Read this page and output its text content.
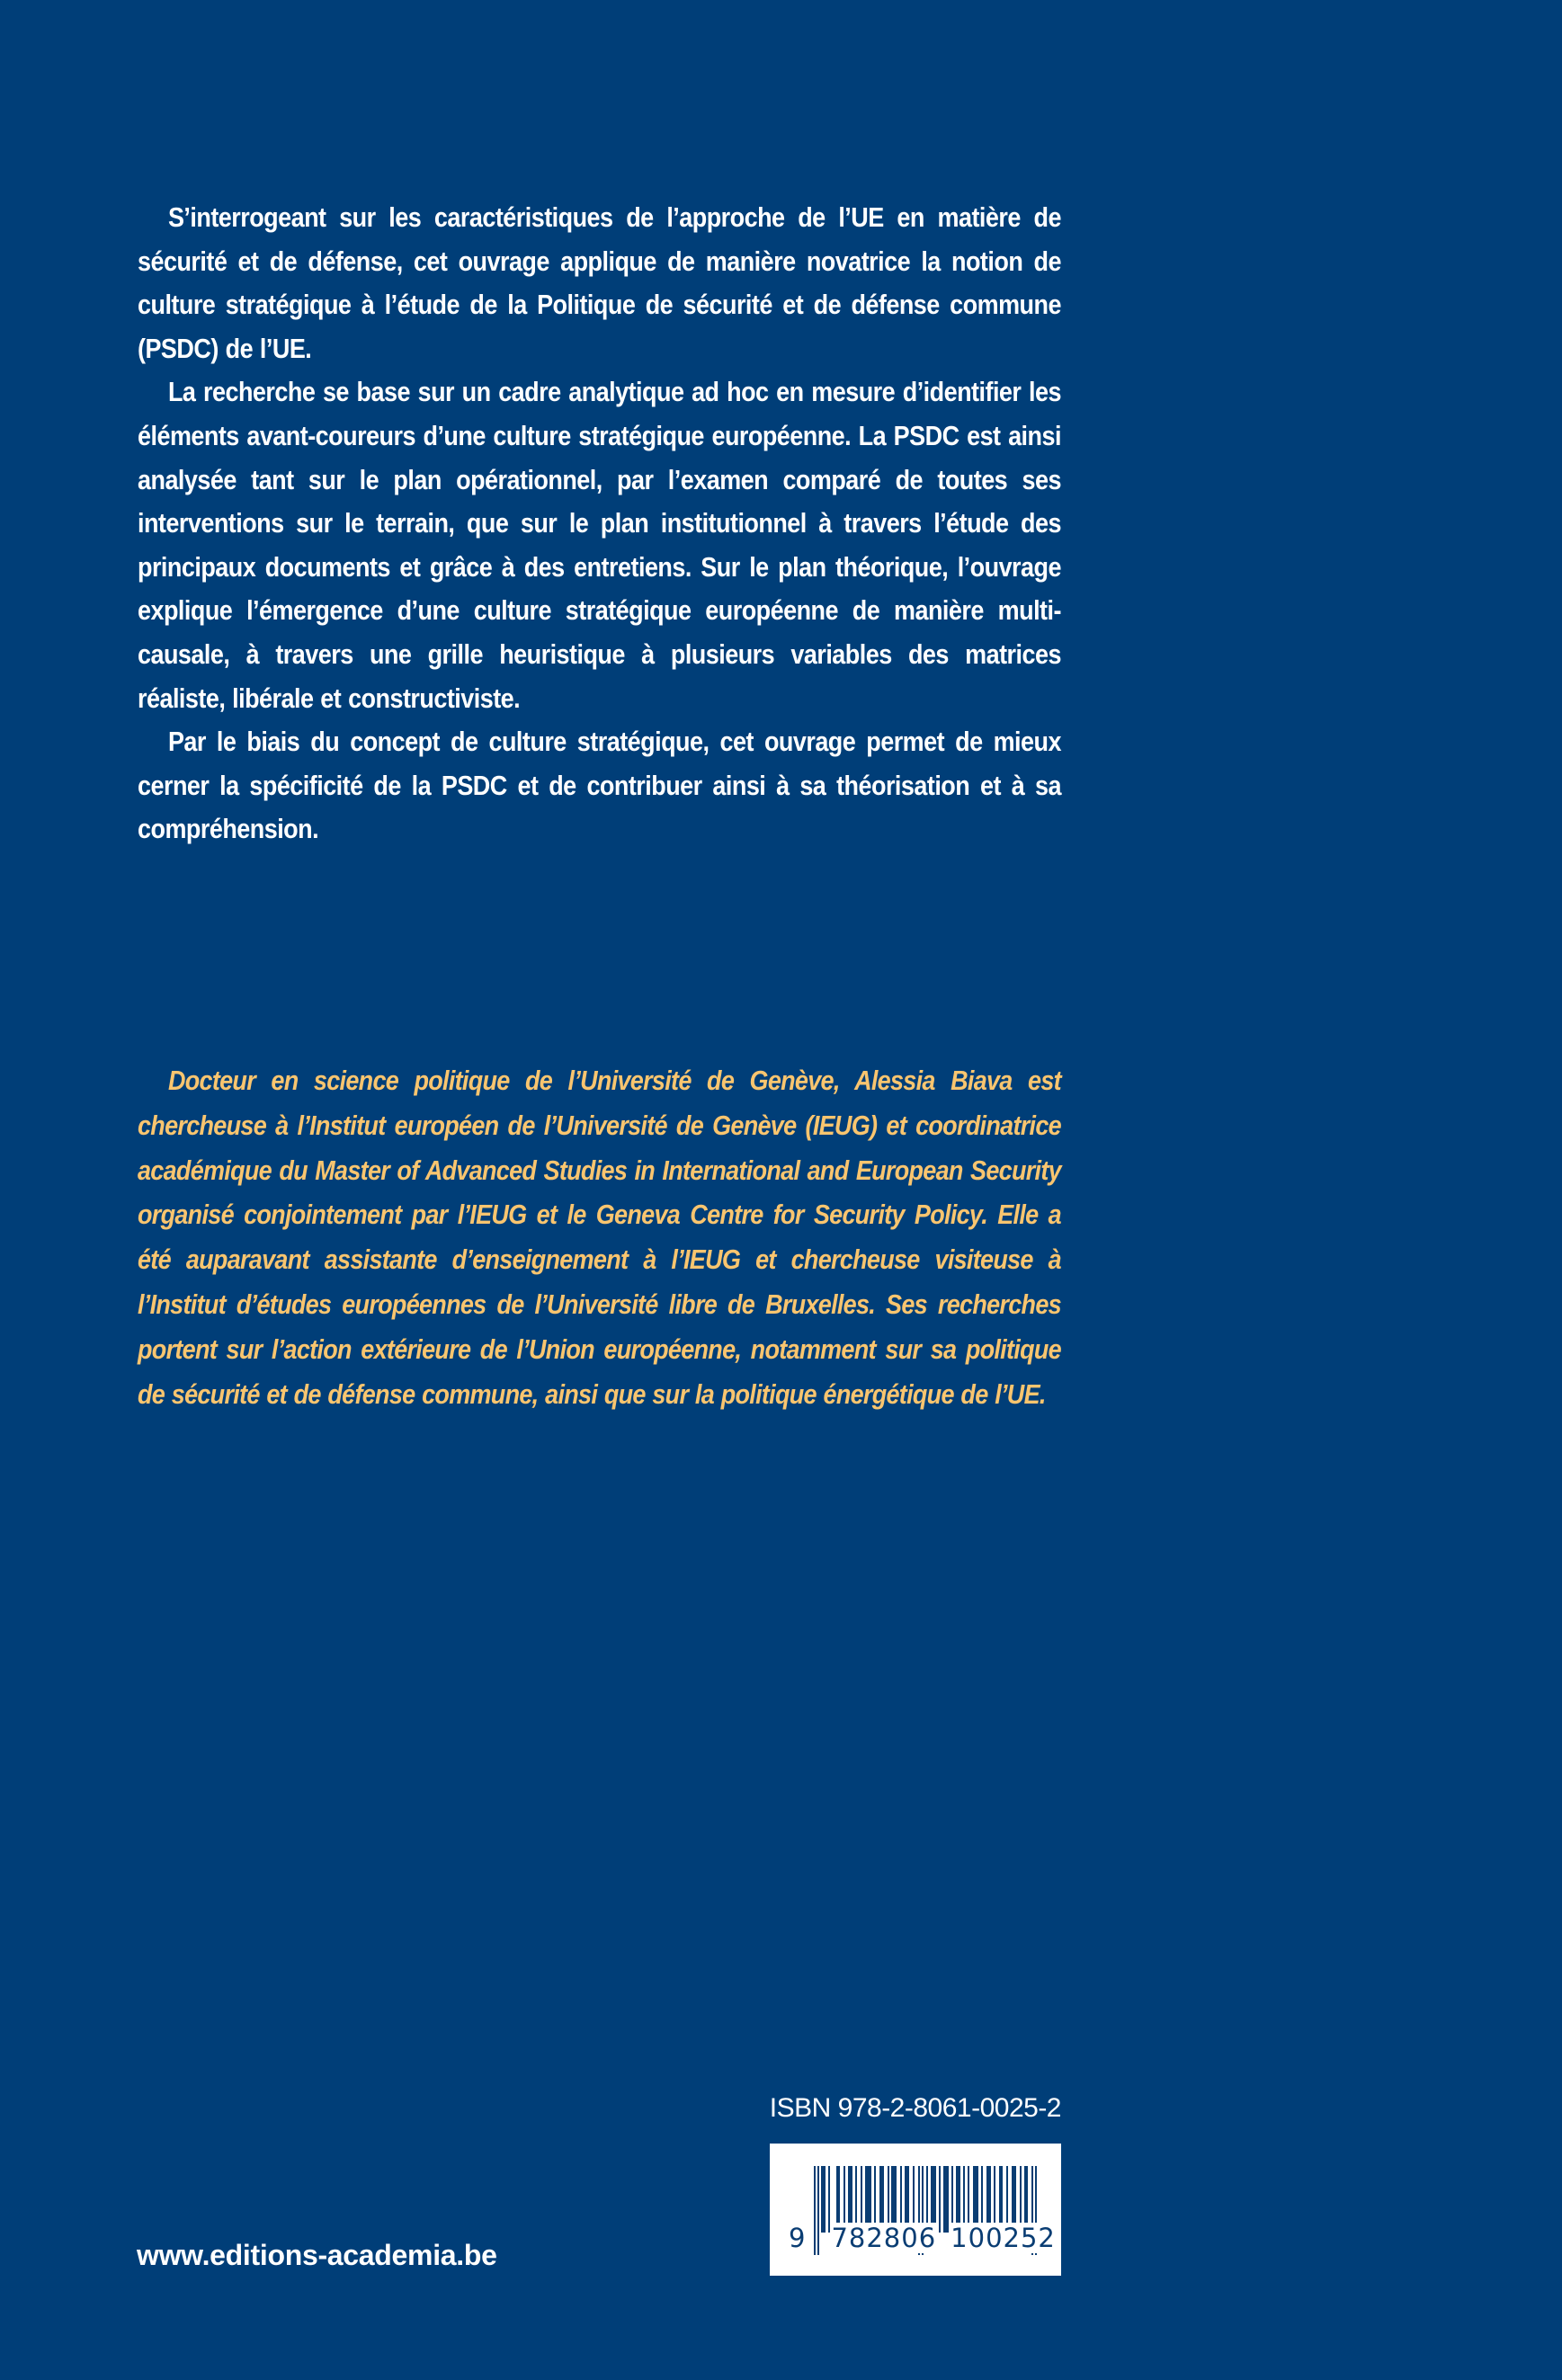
S’interrogeant sur les caractéristiques de l’approche de l’UE en matière de sécurité et de défense, cet ouvrage applique de manière novatrice la notion de culture stratégique à l’étude de la Politique de sécurité et de défense commune (PSDC) de l’UE.

La recherche se base sur un cadre analytique ad hoc en mesure d’identifier les éléments avant-coureurs d’une culture stratégique européenne. La PSDC est ainsi analysée tant sur le plan opérationnel, par l’examen comparé de toutes ses interventions sur le terrain, que sur le plan institutionnel à travers l’étude des principaux documents et grâce à des entretiens. Sur le plan théorique, l’ouvrage explique l’émergence d’une culture stratégique européenne de manière multi-causale, à travers une grille heuristique à plusieurs variables des matrices réaliste, libérale et constructiviste.

Par le biais du concept de culture stratégique, cet ouvrage permet de mieux cerner la spécificité de la PSDC et de contribuer ainsi à sa théorisation et à sa compréhension.

Docteur en science politique de l’Université de Genève, Alessia Biava est chercheuse à l’Institut européen de l’Université de Genève (IEUG) et coordinatrice académique du Master of Advanced Studies in International and European Security organisé conjointement par l’IEUG et le Geneva Centre for Security Policy. Elle a été auparavant assistante d’enseignement à l’IEUG et chercheuse visiteuse à l’Institut d’études européennes de l’Université libre de Bruxelles. Ses recherches portent sur l’action extérieure de l’Union européenne, notamment sur sa politique de sécurité et de défense commune, ainsi que sur la politique énergétique de l’UE.

ISBN 978-2-8061-0025-2
9 782806 100252
www.editions-academia.be
